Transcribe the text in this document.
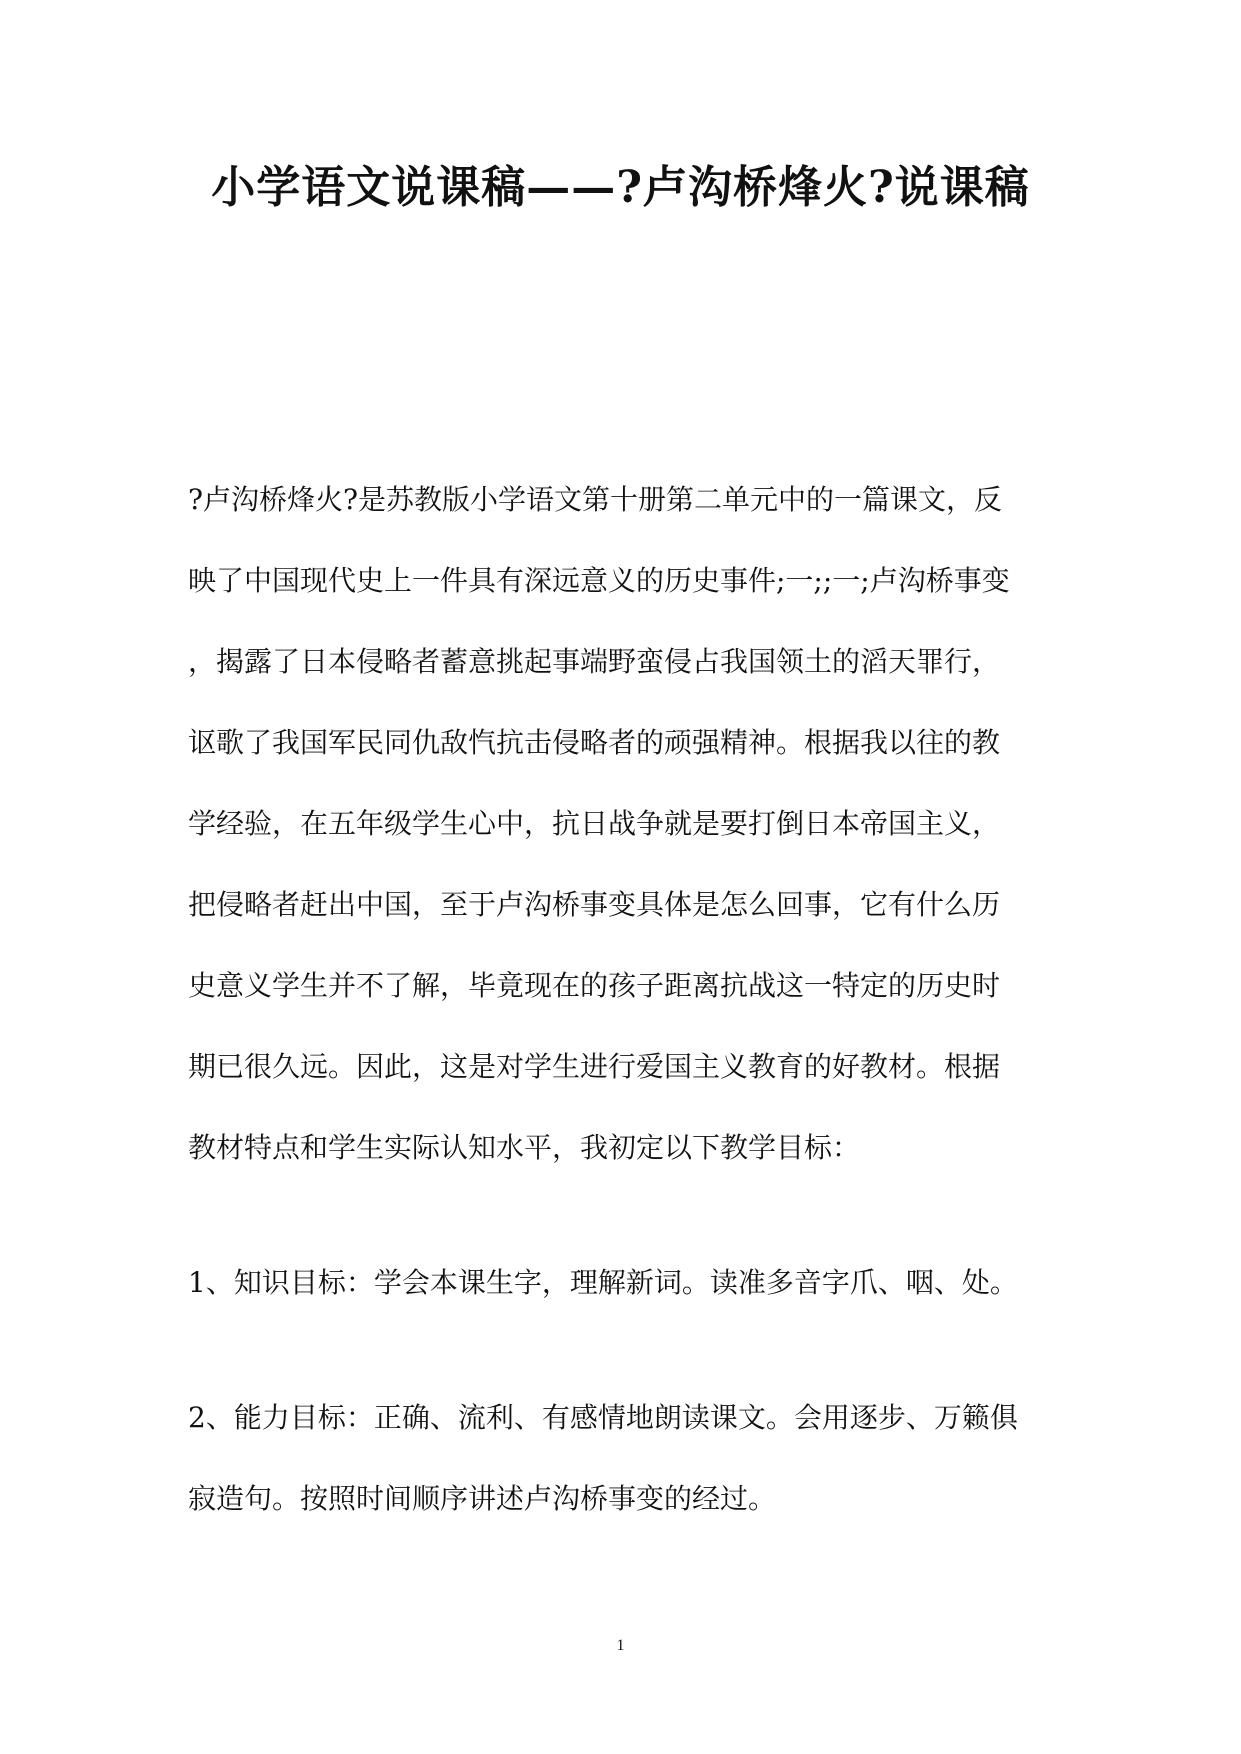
小学语文说课稿——?卢沟桥烽火?说课稿
?卢沟桥烽火?是苏教版小学语文第十册第二单元中的一篇课文，反
映了中国现代史上一件具有深远意义的历史事件;一;;一;卢沟桥事变
，揭露了日本侵略者蓄意挑起事端野蛮侵占我国领土的滔天罪行，
讴歌了我国军民同仇敌忾抗击侵略者的顽强精神。根据我以往的教
学经验，在五年级学生心中，抗日战争就是要打倒日本帝国主义，
把侵略者赶出中国，至于卢沟桥事变具体是怎么回事，它有什么历
史意义学生并不了解，毕竟现在的孩子距离抗战这一特定的历史时
期已很久远。因此，这是对学生进行爱国主义教育的好教材。根据
教材特点和学生实际认知水平，我初定以下教学目标：
1、知识目标：学会本课生字，理解新词。读准多音字爪、咽、处。
2、能力目标：正确、流利、有感情地朗读课文。会用逐步、万籁俱
寂造句。按照时间顺序讲述卢沟桥事变的经过。
1
